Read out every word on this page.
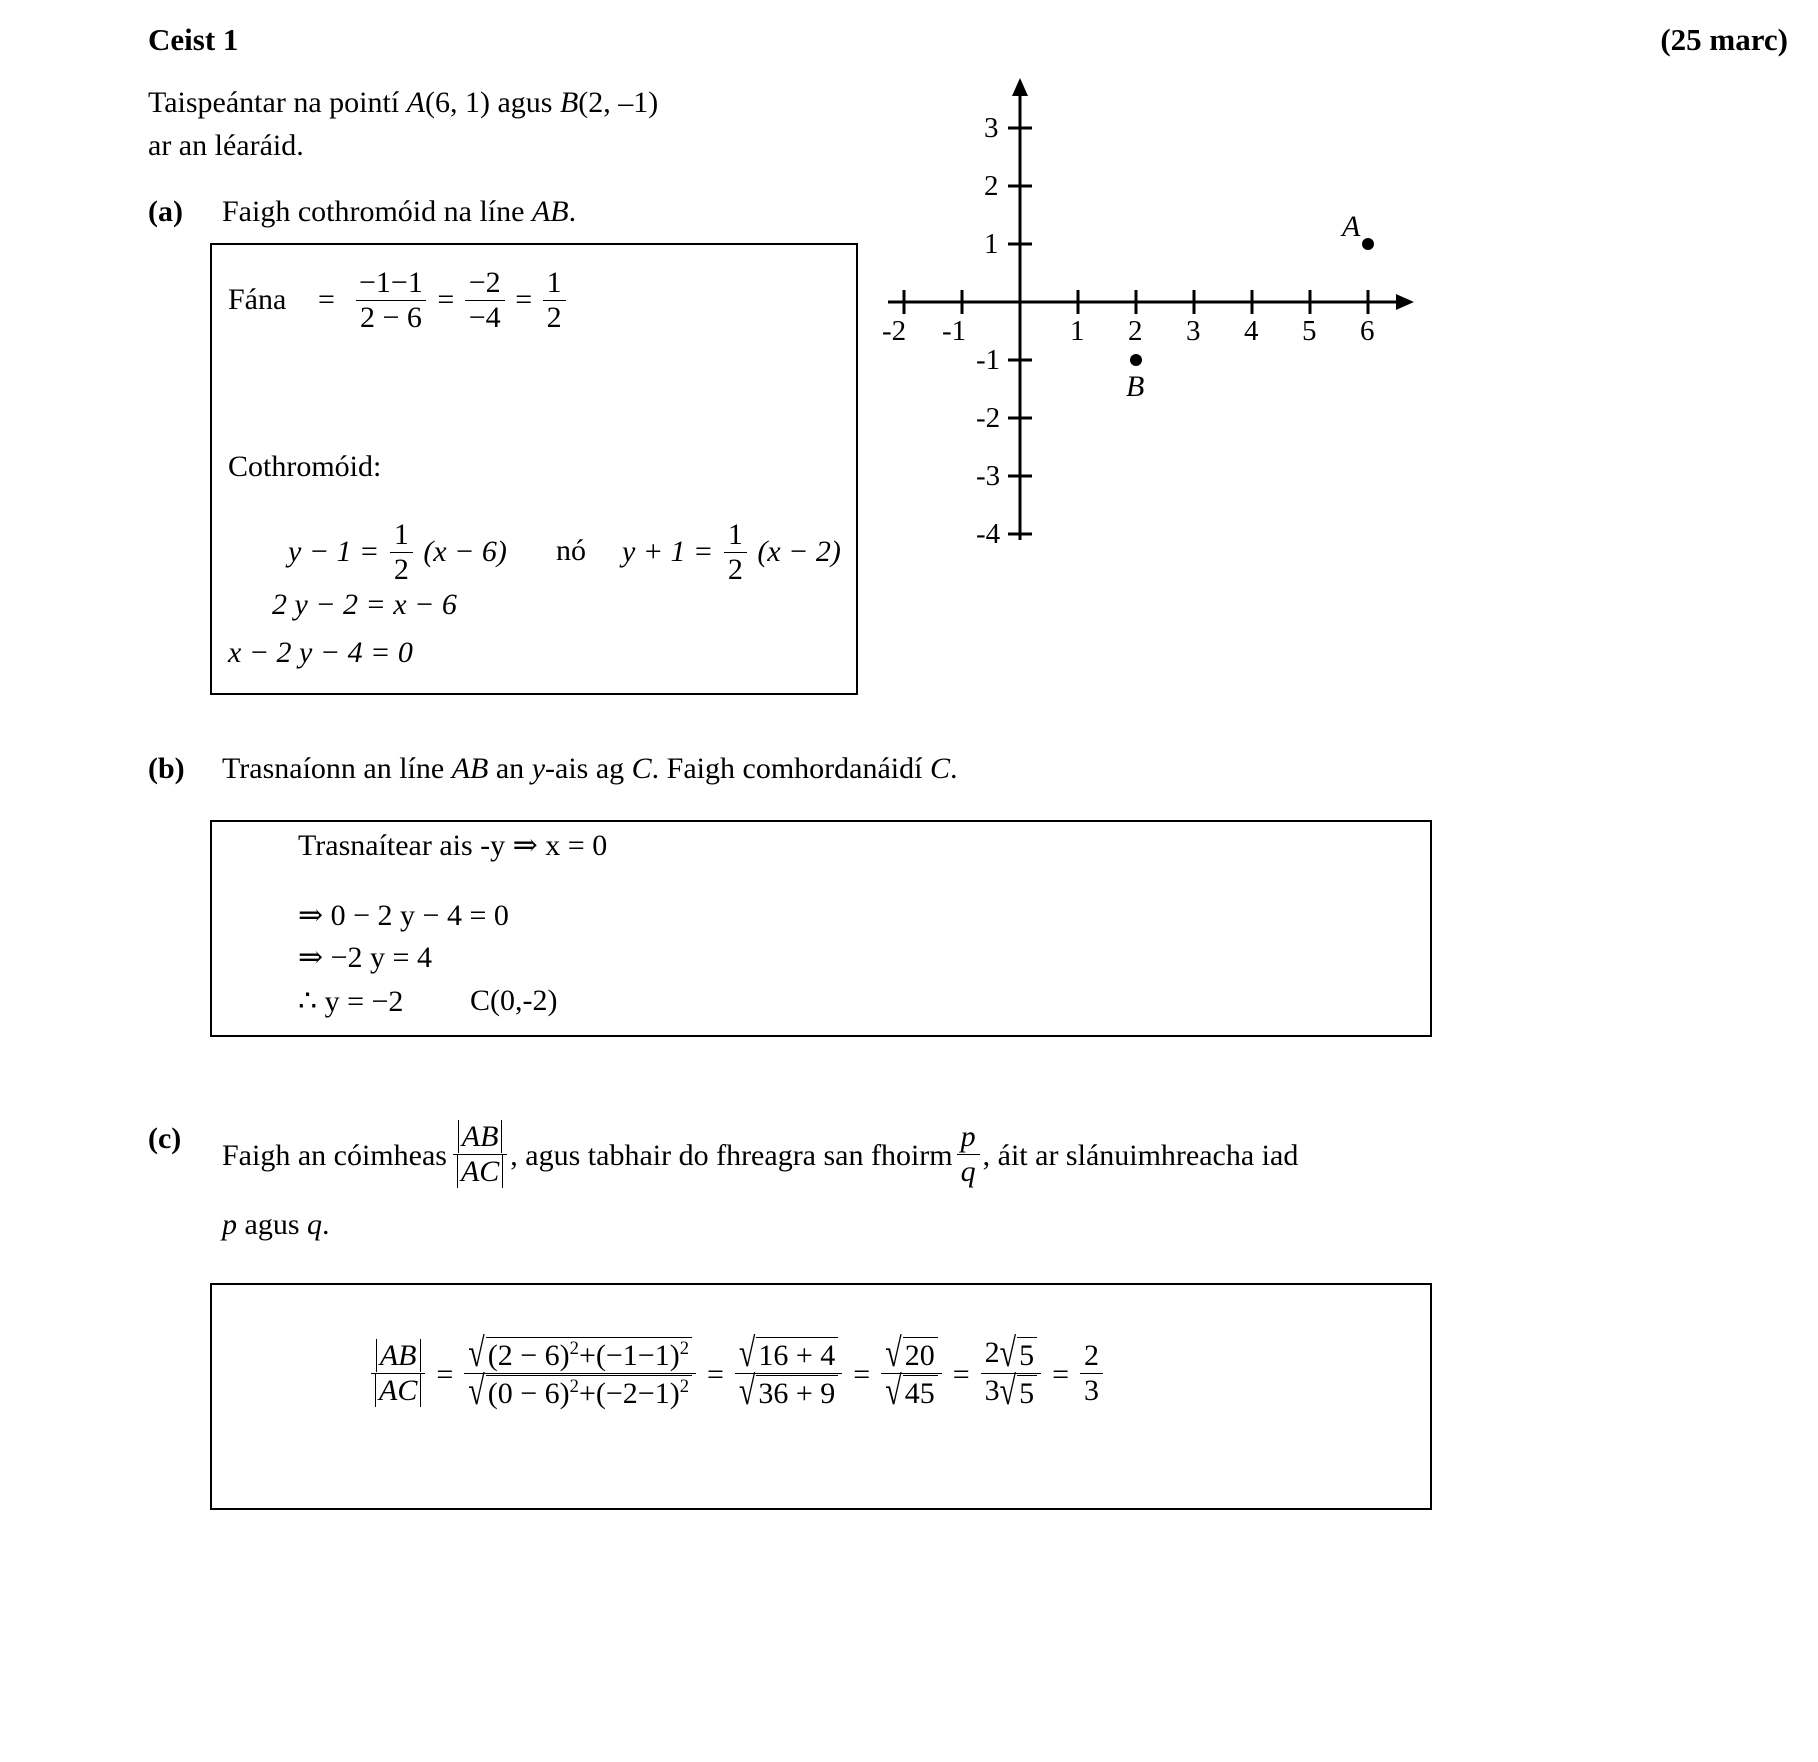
Ceist 1	(25 marc)
Taispeántar na pointí A(6, 1) agus B(2, –1)
ar an léaráid.
(a) Faigh cothromóid na líne AB.
Fána = $\frac{-1-1}{2 - 6} = \frac{-2}{-4} = \frac{1}{2}$
Cothromóid:
$y - 1 = \frac{1}{2} (x - 6)$ nó $y + 1 = \frac{1}{2} (x - 2)$
2 y − 2 = x − 6
x − 2 y − 4 = 0
(b) Trasnaíonn an líne AB an y-ais ag C. Faigh comhordanáidí C.
Trasnaítear ais -y ⇒ x = 0
⇒ 0 − 2 y − 4 = 0
⇒ −2 y = 4
∴ y = −2 C(0,-2)
(c)
Faigh an cóimheas $\frac{AB}{AC}$ , agus tabhair do fhreagra san fhoirm $\frac{p}{q}$ , áit ar slánuimhreacha iad
p agus q.
$\frac{AB}{AC} = \frac{√ (2 - 6)^2+(-1-1)^2}{√ (0 - 6)^2+(-2-1)^2} = \frac{√ 16 + 4}{√ 36 + 9} = \frac{√ 20}{√ 45} = \frac{2 √ 5}{3 √ 5} = \frac{2}{3}$
-2 -1	1 2 3 4 5 6
3
2
1
-1
-2
-3
-4
A
B
